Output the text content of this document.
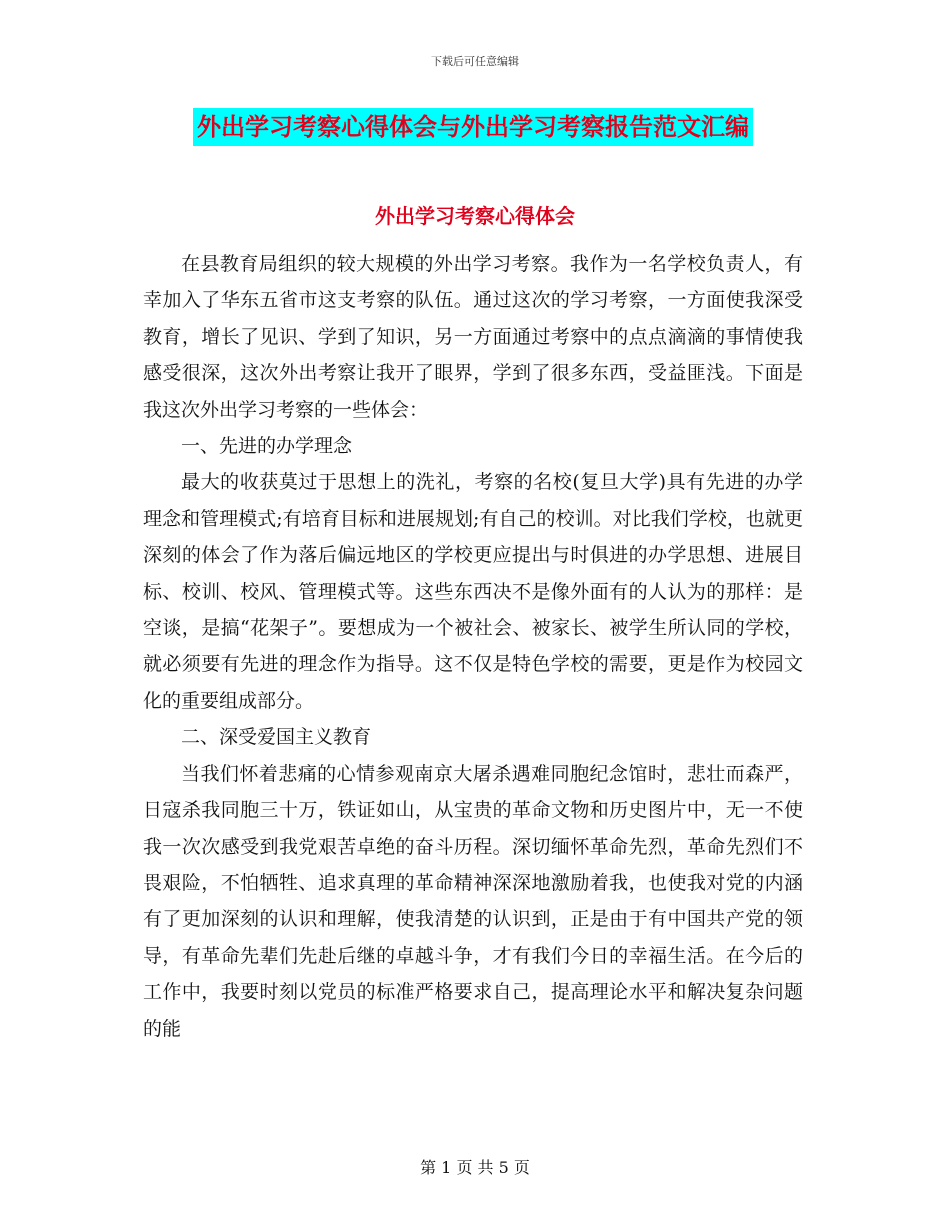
下载后可任意编辑
外出学习考察心得体会与外出学习考察报告范文汇编
外出学习考察心得体会

在县教育局组织的较大规模的外出学习考察。我作为一名学校负责人，有幸加入了华东五省市这支考察的队伍。通过这次的学习考察，一方面使我深受教育，增长了见识、学到了知识，另一方面通过考察中的点点滴滴的事情使我感受很深，这次外出考察让我开了眼界，学到了很多东西，受益匪浅。下面是我这次外出学习考察的一些体会：

一、先进的办学理念

最大的收获莫过于思想上的洗礼，考察的名校(复旦大学)具有先进的办学理念和管理模式;有培育目标和进展规划;有自己的校训。对比我们学校，也就更深刻的体会了作为落后偏远地区的学校更应提出与时俱进的办学思想、进展目标、校训、校风、管理模式等。这些东西决不是像外面有的人认为的那样：是空谈，是搞“花架子”。要想成为一个被社会、被家长、被学生所认同的学校，就必须要有先进的理念作为指导。这不仅是特色学校的需要，更是作为校园文化的重要组成部分。

二、深受爱国主义教育

当我们怀着悲痛的心情参观南京大屠杀遇难同胞纪念馆时，悲壮而森严，日寇杀我同胞三十万，铁证如山，从宝贵的革命文物和历史图片中，无一不使我一次次感受到我党艰苦卓绝的奋斗历程。深切缅怀革命先烈，革命先烈们不畏艰险，不怕牺牲、追求真理的革命精神深深地激励着我，也使我对党的内涵有了更加深刻的认识和理解，使我清楚的认识到，正是由于有中国共产党的领导，有革命先辈们先赴后继的卓越斗争，才有我们今日的幸福生活。在今后的工作中，我要时刻以党员的标准严格要求自己，提高理论水平和解决复杂问题的能

第 1 页 共 5 页
